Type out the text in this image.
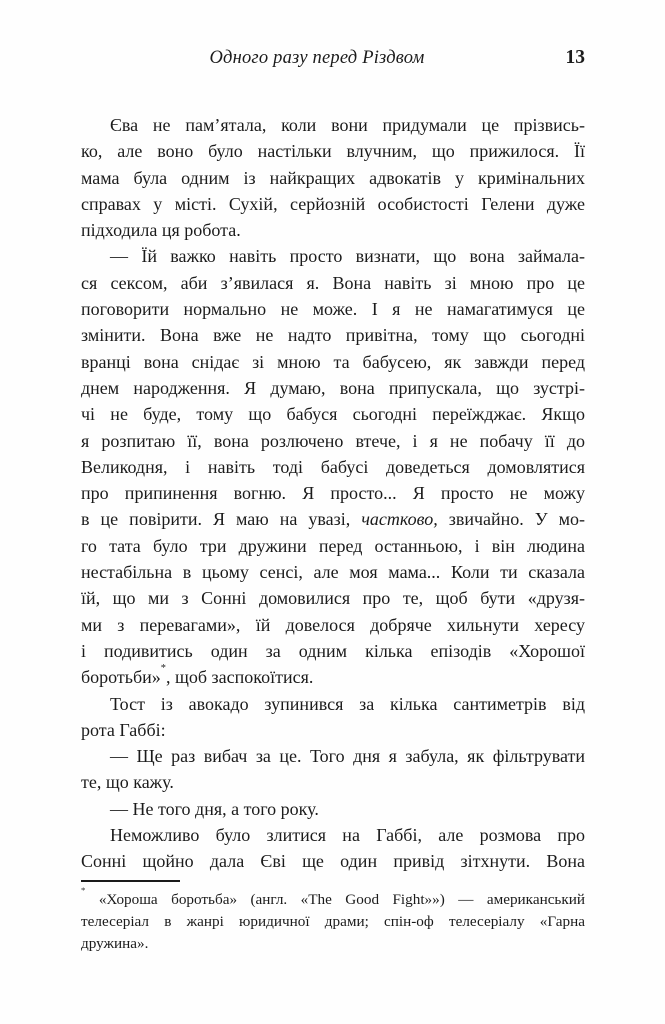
Одного разу перед Різдвом	13
Єва не пам’ятала, коли вони придумали це прізвись-
ко, але воно було настільки влучним, що прижилося. Її
мама була одним із найкращих адвокатів у кримінальних
справах у місті. Сухій, серйозній особистості Гелени дуже
підходила ця робота.
— Їй важко навіть просто визнати, що вона займала-
ся сексом, аби з’явилася я. Вона навіть зі мною про це
поговорити нормально не може. І я не намагатимуся це
змінити. Вона вже не надто привітна, тому що сьогодні
вранці вона снідає зі мною та бабусею, як завжди перед
днем народження. Я думаю, вона припускала, що зустрі-
чі не буде, тому що бабуся сьогодні переїжджає. Якщо
я розпитаю її, вона розлючено втече, і я не побачу її до
Великодня, і навіть тоді бабусі доведеться домовлятися
про припинення вогню. Я просто... Я просто не можу
в це повірити. Я маю на увазі, частково, звичайно. У мо-
го тата було три дружини перед останньою, і він людина
нестабільна в цьому сенсі, але моя мама... Коли ти сказала
їй, що ми з Сонні домовилися про те, щоб бути «друзя-
ми з перевагами», їй довелося добряче хильнути хересу
і подивитись один за одним кілька епізодів «Хорошої
боротьби»*, щоб заспокоїтися.
Тост із авокадо зупинився за кілька сантиметрів від
рота Габбі:
— Ще раз вибач за це. Того дня я забула, як фільтрувати
те, що кажу.
— Не того дня, а того року.
Неможливо було злитися на Габбі, але розмова про
Сонні щойно дала Єві ще один привід зітхнути. Вона
* «Хороша боротьба» (англ. «The Good Fight»») — американський
телесеріал в жанрі юридичної драми; спін-оф телесеріалу «Гарна
дружина».
